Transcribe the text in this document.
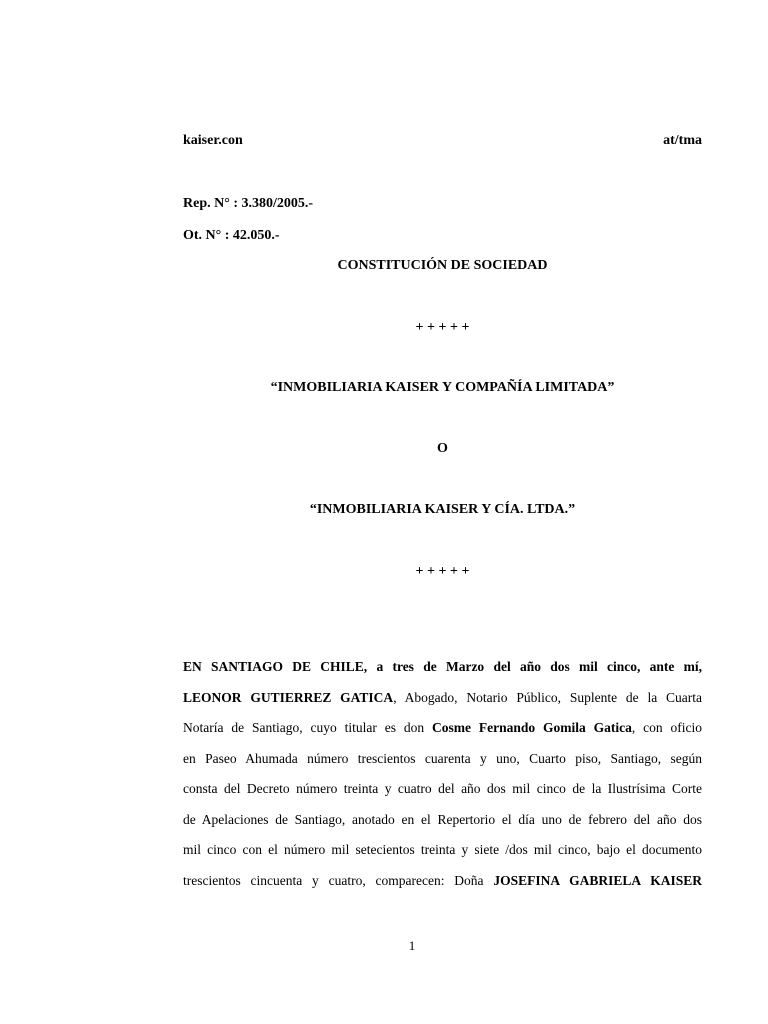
kaiser.con	at/tma
Rep. N° : 3.380/2005.-
Ot. N° : 42.050.-
CONSTITUCIÓN DE SOCIEDAD
+ + + + +
“INMOBILIARIA KAISER Y COMPAÑÍA LIMITADA”
O
“INMOBILIARIA KAISER Y CÍA. LTDA.”
+ + + + +
EN SANTIAGO DE CHILE, a tres de Marzo del año dos mil cinco, ante mí,
LEONOR GUTIERREZ GATICA, Abogado, Notario Público, Suplente de la Cuarta
Notaría de Santiago, cuyo titular es don Cosme Fernando Gomila Gatica, con oficio
en Paseo Ahumada número trescientos cuarenta y uno, Cuarto piso, Santiago, según
consta del Decreto número treinta y cuatro del año dos mil cinco de la Ilustrísima Corte
de Apelaciones de Santiago, anotado en el Repertorio el día uno de febrero del año dos
mil cinco con el número mil setecientos treinta y siete /dos mil cinco, bajo el documento
trescientos cincuenta y cuatro, comparecen: Doña JOSEFINA GABRIELA KAISER
1
